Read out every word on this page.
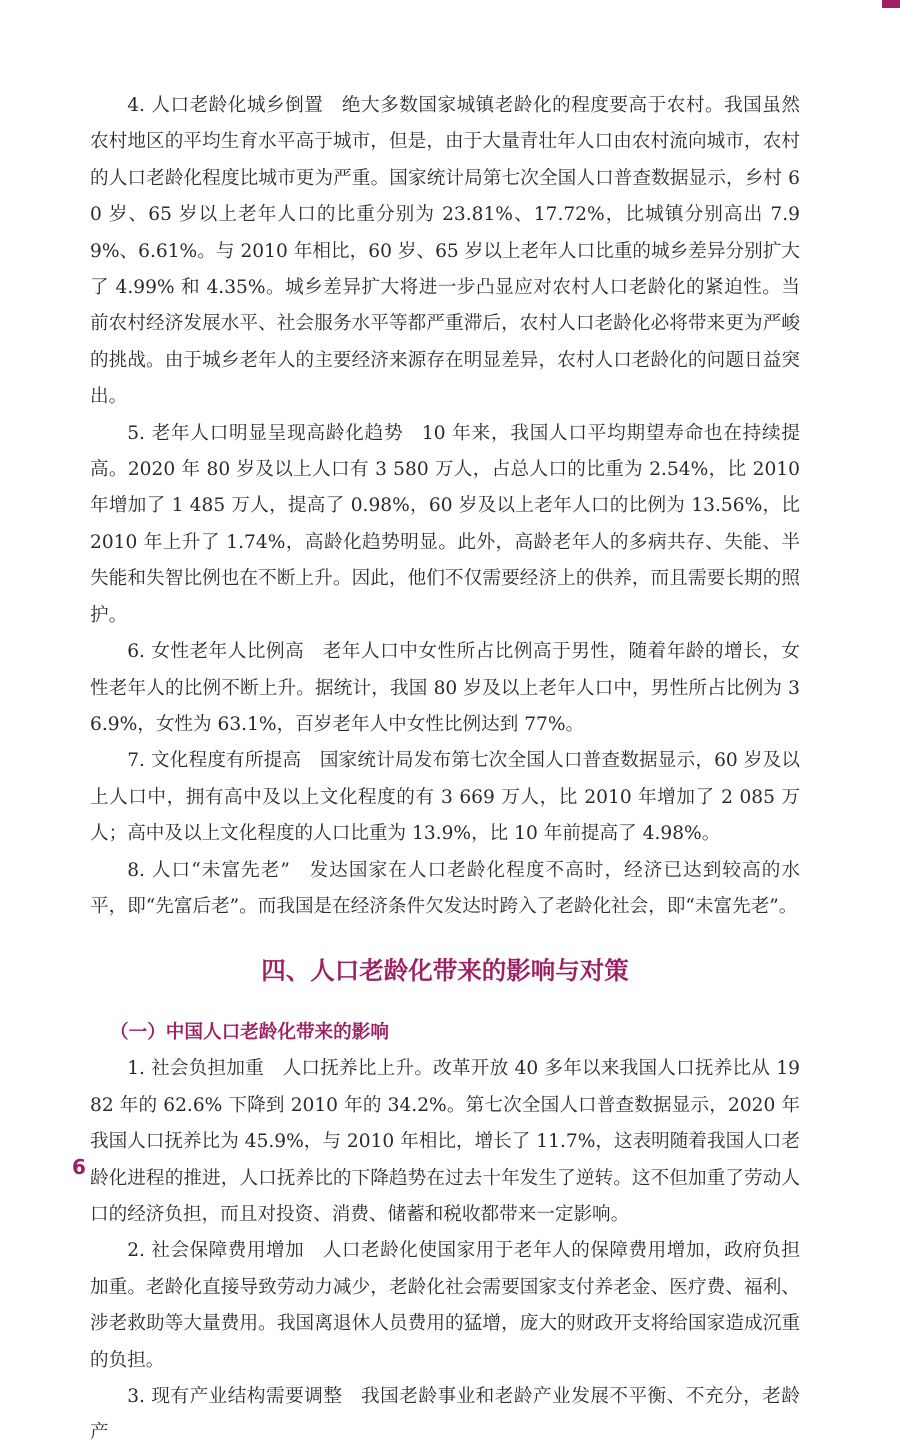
4. 人口老龄化城乡倒置 绝大多数国家城镇老龄化的程度要高于农村。我国虽然农村地区的平均生育水平高于城市，但是，由于大量青壮年人口由农村流向城市，农村的人口老龄化程度比城市更为严重。国家统计局第七次全国人口普查数据显示，乡村 60 岁、65 岁以上老年人口的比重分别为 23.81%、17.72%，比城镇分别高出 7.99%、6.61%。与 2010 年相比，60 岁、65 岁以上老年人口比重的城乡差异分别扩大了 4.99% 和 4.35%。城乡差异扩大将进一步凸显应对农村人口老龄化的紧迫性。当前农村经济发展水平、社会服务水平等都严重滞后，农村人口老龄化必将带来更为严峻的挑战。由于城乡老年人的主要经济来源存在明显差异，农村人口老龄化的问题日益突出。

5. 老年人口明显呈现高龄化趋势 10 年来，我国人口平均期望寿命也在持续提高。2020 年 80 岁及以上人口有 3 580 万人，占总人口的比重为 2.54%，比 2010 年增加了 1 485 万人，提高了 0.98%，60 岁及以上老年人口的比例为 13.56%，比 2010 年上升了 1.74%，高龄化趋势明显。此外，高龄老年人的多病共存、失能、半失能和失智比例也在不断上升。因此，他们不仅需要经济上的供养，而且需要长期的照护。

6. 女性老年人比例高 老年人口中女性所占比例高于男性，随着年龄的增长，女性老年人的比例不断上升。据统计，我国 80 岁及以上老年人口中，男性所占比例为 36.9%，女性为 63.1%，百岁老年人中女性比例达到 77%。

7. 文化程度有所提高 国家统计局发布第七次全国人口普查数据显示，60 岁及以上人口中，拥有高中及以上文化程度的有 3 669 万人，比 2010 年增加了 2 085 万人；高中及以上文化程度的人口比重为 13.9%，比 10 年前提高了 4.98%。

8. 人口“未富先老” 发达国家在人口老龄化程度不高时，经济已达到较高的水平，即“先富后老”。而我国是在经济条件欠发达时跨入了老龄化社会，即“未富先老”。

四、人口老龄化带来的影响与对策
（一）中国人口老龄化带来的影响

1. 社会负担加重 人口抚养比上升。改革开放 40 多年以来我国人口抚养比从 1982 年的 62.6% 下降到 2010 年的 34.2%。第七次全国人口普查数据显示，2020 年我国人口抚养比为 45.9%，与 2010 年相比，增长了 11.7%，这表明随着我国人口老龄化进程的推进，人口抚养比的下降趋势在过去十年发生了逆转。这不但加重了劳动人口的经济负担，而且对投资、消费、储蓄和税收都带来一定影响。

2. 社会保障费用增加 人口老龄化使国家用于老年人的保障费用增加，政府负担加重。老龄化直接导致劳动力减少，老龄化社会需要国家支付养老金、医疗费、福利、涉老救助等大量费用。我国离退休人员费用的猛增，庞大的财政开支将给国家造成沉重的负担。

3. 现有产业结构需要调整 我国老龄事业和老龄产业发展不平衡、不充分，老龄产

6
